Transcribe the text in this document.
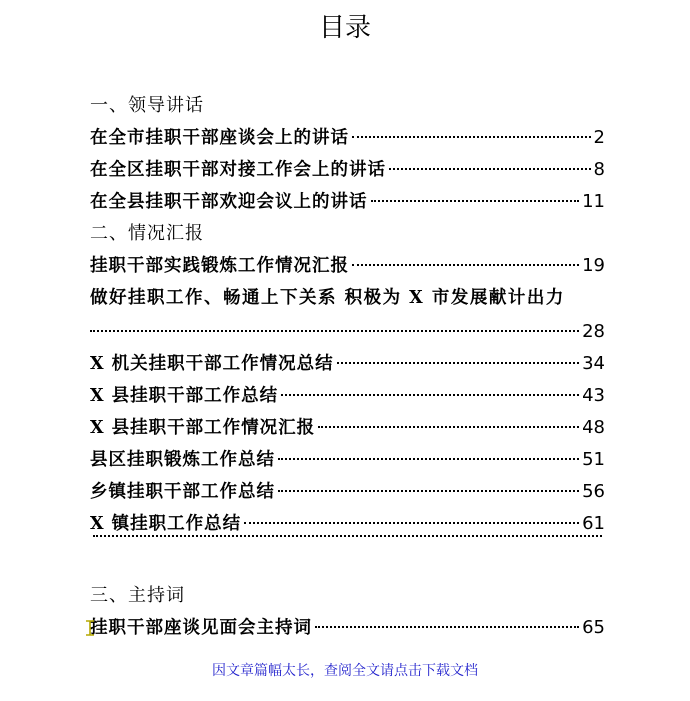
目录
一、领导讲话
在全市挂职干部座谈会上的讲话	2
在全区挂职干部对接工作会上的讲话	8
在全县挂职干部欢迎会议上的讲话	11
二、情况汇报
挂职干部实践锻炼工作情况汇报	19
做好挂职工作、畅通上下关系 积极为 X 市发展献计出力
28
X 机关挂职干部工作情况总结	34
X 县挂职干部工作总结	43
X 县挂职干部工作情况汇报	48
县区挂职锻炼工作总结	51
乡镇挂职干部工作总结	56
X 镇挂职工作总结	61
三、主持词
挂职干部座谈见面会主持词	65
因文章篇幅太长，查阅全文请点击下载文档
